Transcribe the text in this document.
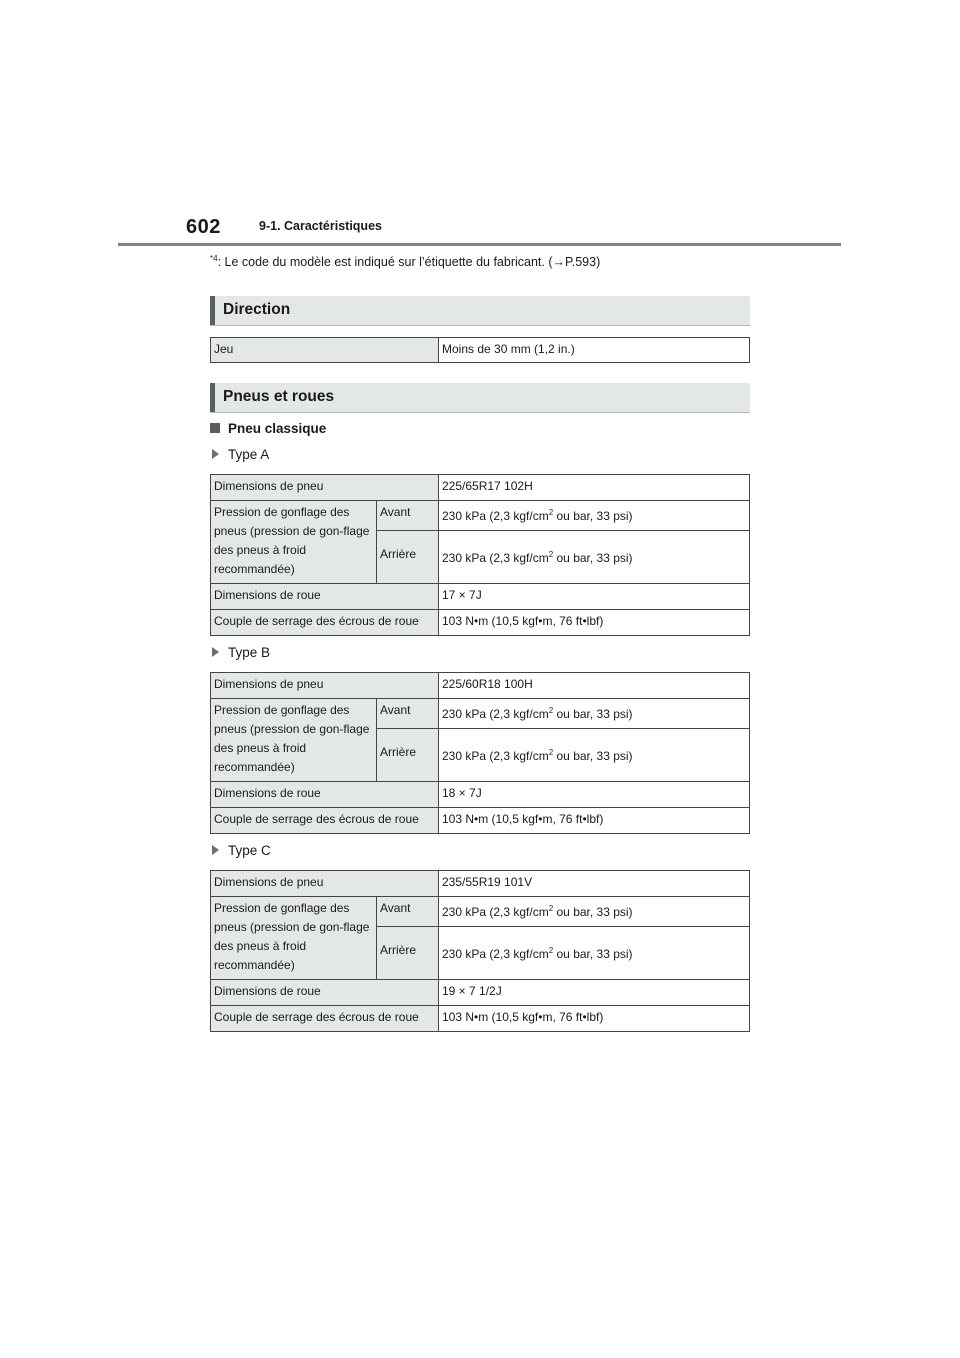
602	9-1. Caractéristiques
$^{*4}$: Le code du modèle est indiqué sur l’étiquette du fabricant. (→P.593)
Direction
Jeu	Moins de 30 mm (1,2 in.)
Pneus et roues
Pneu classique
Type A
Dimensions de pneu		225/65R17 102H
Pression de gonflage des pneus (pression de gon-flage des pneus à froid recommandée)	Avant	230 kPa (2,3 kgf/$cm^2$ ou bar, 33 psi)
	Arrière	230 kPa (2,3 kgf/$cm^2$ ou bar, 33 psi)
Dimensions de roue		17 × 7J
Couple de serrage des écrous de roue		103 N•m (10,5 kgf•m, 76 ft•lbf)
Type B
Dimensions de pneu		225/60R18 100H
Pression de gonflage des pneus (pression de gon-flage des pneus à froid recommandée)	Avant	230 kPa (2,3 kgf/$cm^2$ ou bar, 33 psi)
	Arrière	230 kPa (2,3 kgf/$cm^2$ ou bar, 33 psi)
Dimensions de roue		18 × 7J
Couple de serrage des écrous de roue		103 N•m (10,5 kgf•m, 76 ft•lbf)
Type C
Dimensions de pneu		235/55R19 101V
Pression de gonflage des pneus (pression de gon-flage des pneus à froid recommandée)	Avant	230 kPa (2,3 kgf/$cm^2$ ou bar, 33 psi)
	Arrière	230 kPa (2,3 kgf/$cm^2$ ou bar, 33 psi)
Dimensions de roue		19 × 7 1/2J
Couple de serrage des écrous de roue		103 N•m (10,5 kgf•m, 76 ft•lbf)
